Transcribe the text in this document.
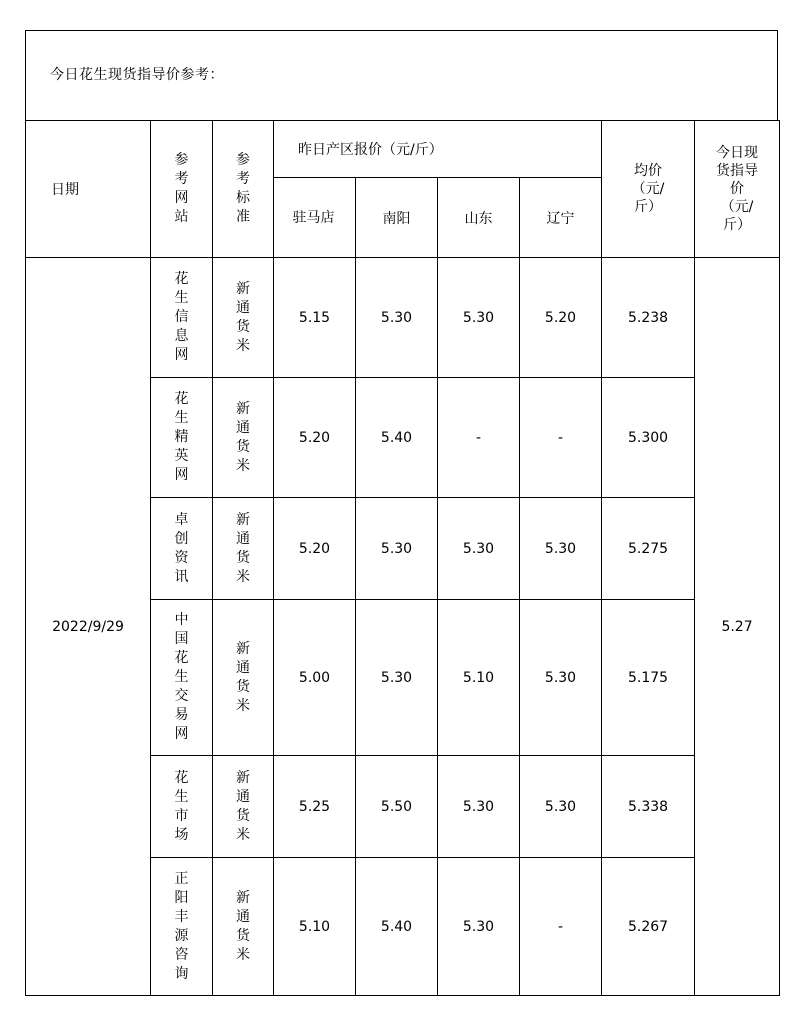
今日花生现货指导价参考：
日期	参考网站	参考标准	昨日产区报价（元/斤）				均价（元/斤）	今日现货指导价（元/斤）

			驻马店	南阳	山东	辽宁		
2022/9/29	花生信息网	新通货米	5.15	5.30	5.30	5.20	5.238	5.27
	花生精英网	新通货米	5.20	5.40	-	-	5.300	
	卓创资讯	新通货米	5.20	5.30	5.30	5.30	5.275	
	中国花生交易网	新通货米	5.00	5.30	5.10	5.30	5.175	
	花生市场	新通货米	5.25	5.50	5.30	5.30	5.338	
	正阳丰源咨询	新通货米	5.10	5.40	5.30	-	5.267	
